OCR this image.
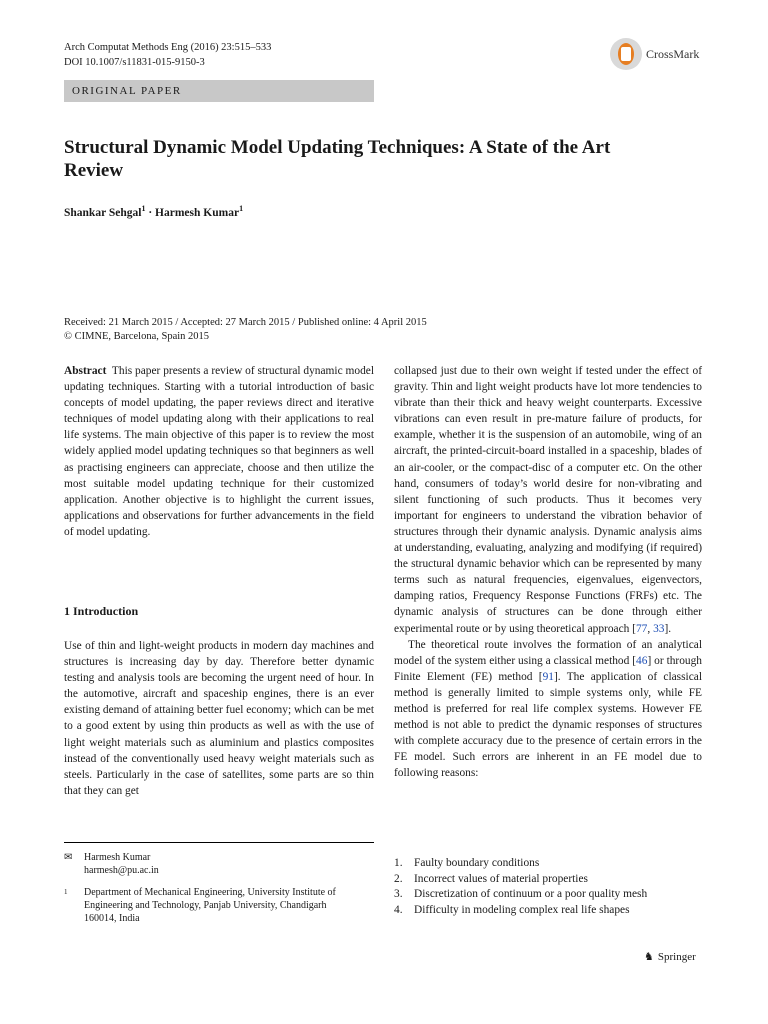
Arch Computat Methods Eng (2016) 23:515–533
DOI 10.1007/s11831-015-9150-3
CrossMark
ORIGINAL PAPER
Structural Dynamic Model Updating Techniques: A State of the Art Review
Shankar Sehgal$^1$ · Harmesh Kumar$^1$
Received: 21 March 2015 / Accepted: 27 March 2015 / Published online: 4 April 2015
© CIMNE, Barcelona, Spain 2015
Abstract This paper presents a review of structural dynamic model updating techniques. Starting with a tutorial introduction of basic concepts of model updating, the paper reviews direct and iterative techniques of model updating along with their applications to real life systems. The main objective of this paper is to review the most widely applied model updating techniques so that beginners as well as practising engineers can appreciate, choose and then utilize the most suitable model updating technique for their customized application. Another objective is to highlight the current issues, applications and observations for further advancements in the field of model updating.
1 Introduction
Use of thin and light-weight products in modern day machines and structures is increasing day by day. Therefore better dynamic testing and analysis tools are becoming the urgent need of hour. In the automotive, aircraft and spaceship engines, there is an ever existing demand of attaining better fuel economy; which can be met to a good extent by using thin products as well as with the use of light weight materials such as aluminium and plastics composites instead of the conventionally used heavy weight materials such as steels. Particularly in the case of satellites, some parts are so thin that they can get
✉ Harmesh Kumar
harmesh@pu.ac.in
1 Department of Mechanical Engineering, University Institute of Engineering and Technology, Panjab University, Chandigarh 160014, India
collapsed just due to their own weight if tested under the effect of gravity. Thin and light weight products have lot more tendencies to vibrate than their thick and heavy weight counterparts. Excessive vibrations can even result in pre-mature failure of products, for example, whether it is the suspension of an automobile, wing of an aircraft, the printed-circuit-board installed in a spaceship, blades of an air-cooler, or the compact-disc of a computer etc. On the other hand, consumers of today’s world desire for non-vibrating and silent functioning of such products. Thus it becomes very important for engineers to understand the vibration behavior of structures through their dynamic analysis. Dynamic analysis aims at understanding, evaluating, analyzing and modifying (if required) the structural dynamic behavior which can be represented by many terms such as natural frequencies, eigenvalues, eigenvectors, damping ratios, Frequency Response Functions (FRFs) etc. The dynamic analysis of structures can be done through either experimental route or by using theoretical approach [77, 33].
The theoretical route involves the formation of an analytical model of the system either using a classical method [46] or through Finite Element (FE) method [91]. The application of classical method is generally limited to simple systems only, while FE method is preferred for real life complex systems. However FE method is not able to predict the dynamic responses of structures with complete accuracy due to the presence of certain errors in the FE model. Such errors are inherent in an FE model due to following reasons:
1.	Faulty boundary conditions
2.	Incorrect values of material properties
3.	Discretization of continuum or a poor quality mesh
4.	Difficulty in modeling complex real life shapes
♞ Springer
